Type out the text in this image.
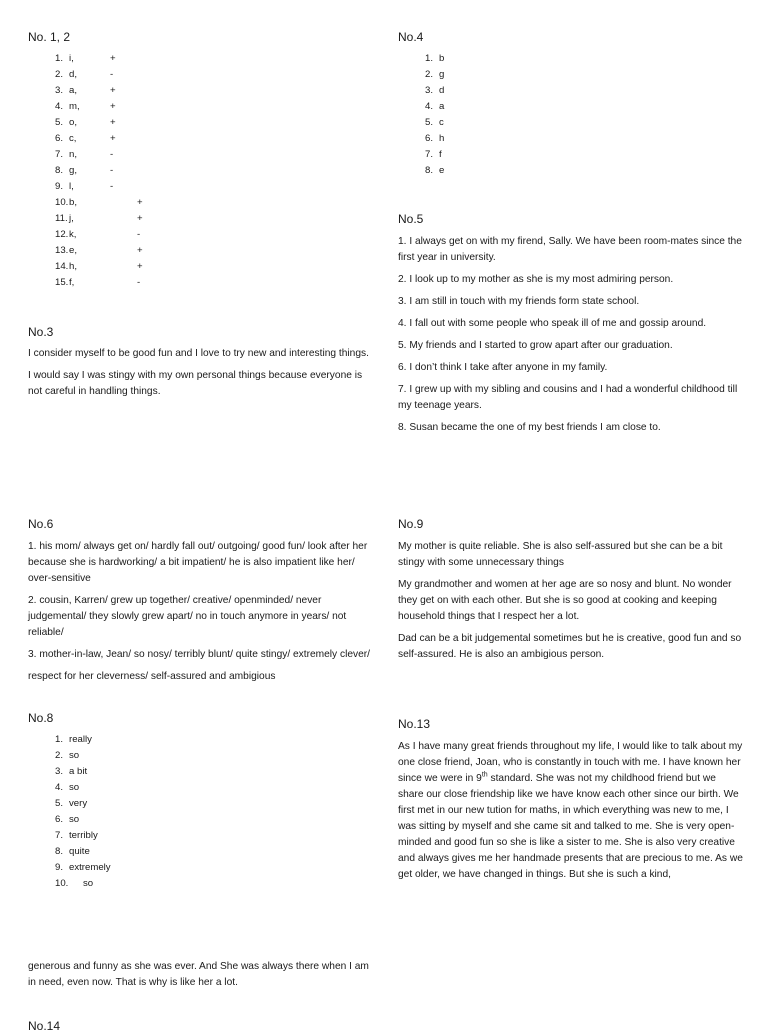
No. 1, 2
1. i,	+
2. d,	-
3. a,	+
4. m,	+
5. o,	+
6. c,	+
7. n,	-
8. g,	-
9. l,	-
10. b,	+
11. j,	+
12. k,	-
13. e,	+
14. h,	+
15. f,	-
No.3

I consider myself to be good fun and I love to try new and interesting things.

I would say I was stingy with my own personal things because everyone is not careful in handling things.

No.6

1. his mom/ always get on/ hardly fall out/ outgoing/ good fun/ look after her because she is hardworking/ a bit impatient/ he is also impatient like her/ over-sensitive

2. cousin, Karren/ grew up together/ creative/ openminded/ never judgemental/ they slowly grew apart/ no in touch anymore in years/ not reliable/

3. mother-in-law, Jean/ so nosy/ terribly blunt/ quite stingy/ extremely clever/

respect for her cleverness/ self-assured and ambigious

No.8
1. really
2. so
3. a bit
4. so
5. very
6. so
7. terribly
8. quite
9. extremely
10. so

generous and funny as she was ever. And She was always there when I am in need, even now. That is why is like her a lot.

No.14
No.4
1. b
2. g
3. d
4. a
5. c
6. h
7. f
8. e
No.5

1. I always get on with my firend, Sally. We have been room-mates since the first year in university.

2. I look up to my mother as she is my most admiring person.

3. I am still in touch with my friends form state school.

4. I fall out with some people who speak ill of me and gossip around.

5. My friends and I started to grow apart after our graduation.

6. I don’t think I take after anyone in my family.

7. I grew up with my sibling and cousins and I had a wonderful childhood till my teenage years.

8. Susan became the one of my best friends I am close to.

No.9

My mother is quite reliable. She is also self-assured but she can be a bit stingy with some unnecessary things

My grandmother and women at her age are so nosy and blunt. No wonder they get on with each other. But she is so good at cooking and keeping household things that I respect her a lot.

Dad can be a bit judgemental sometimes but he is creative, good fun and so self-assured. He is also an ambigious person.

No.13

As I have many great friends throughout my life, I would like to talk about my one close friend, Joan, who is constantly in touch with me. I have known her since we were in 9th standard. She was not my childhood friend but we share our close friendship like we have know each other since our birth. We first met in our new tution for maths, in which everything was new to me, I was sitting by myself and she came sit and talked to me. She is very open-minded and good fun so she is like a sister to me. She is also very creative and always gives me her handmade presents that are precious to me. As we get older, we have changed in things. But she is such a kind,
